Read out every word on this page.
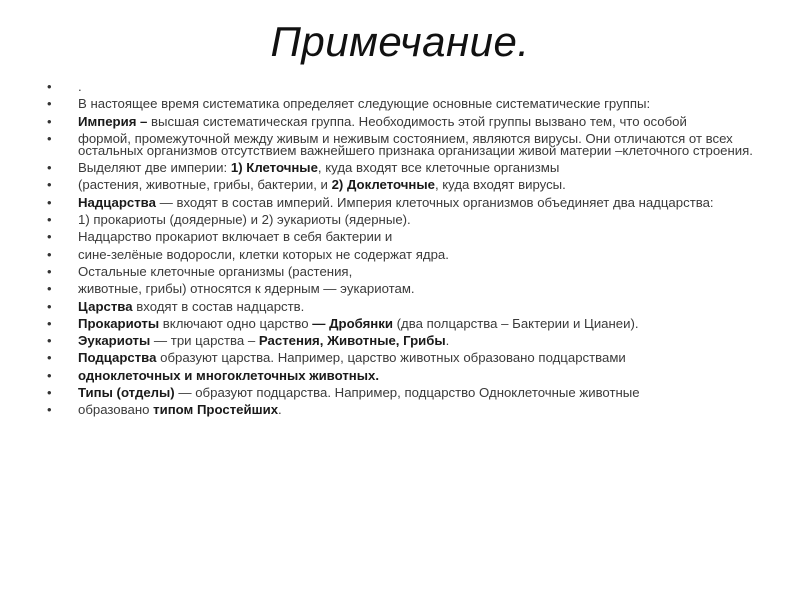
Примечание.
• .
• В настоящее время систематика определяет следующие основные систематические группы:
• Империя – высшая систематическая группа. Необходимость этой группы вызвано тем, что особой
• формой, промежуточной между живым и неживым состоянием, являются вирусы. Они отличаются от всех остальных организмов отсутствием важнейшего признака организации живой материи –клеточного строения.
• Выделяют две империи: 1) Клеточные, куда входят все клеточные организмы
• (растения, животные, грибы, бактерии, и 2) Доклеточные, куда входят вирусы.
• Надцарства — входят в состав империй. Империя клеточных организмов объединяет два надцарства:
• 1) прокариоты (доядерные) и 2) эукариоты (ядерные).
• Надцарство прокариот включает в себя бактерии и
• сине-зелёные водоросли, клетки которых не содержат ядра.
• Остальные клеточные организмы (растения,
• животные, грибы) относятся к ядерным — эукариотам.
• Царства входят в состав надцарств.
• Прокариоты включают одно царство — Дробянки (два полцарства – Бактерии и Цианеи).
• Эукариоты — три царства – Растения, Животные, Грибы.
• Подцарства образуют царства. Например, царство животных образовано подцарствами
• одноклеточных и многоклеточных животных.
• Типы (отделы) — образуют подцарства. Например, подцарство Одноклеточные животные
• образовано типом Простейших.
